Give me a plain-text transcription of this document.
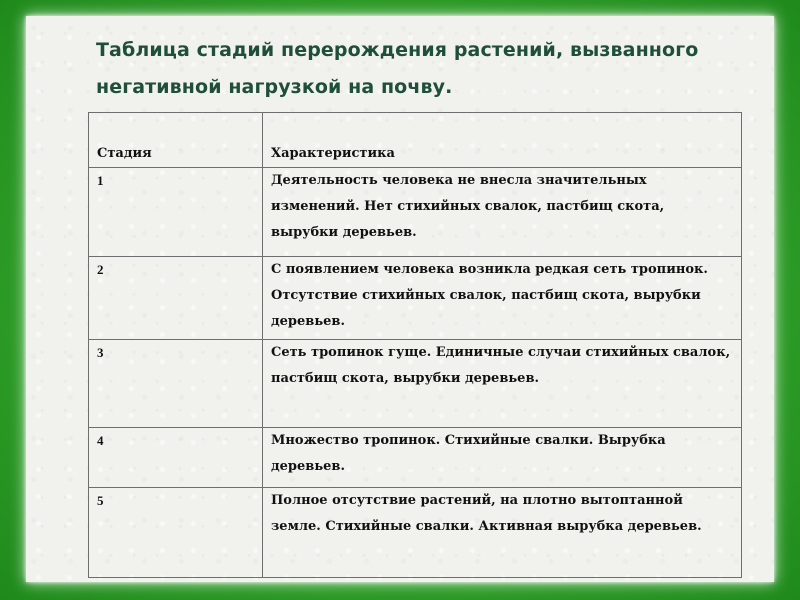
Таблица стадий перерождения растений, вызванного негативной нагрузкой на почву.
Стадия	Характеристика
1	Деятельность человека не внесла значительных изменений. Нет стихийных свалок, пастбищ скота, вырубки деревьев.
2	С появлением человека возникла редкая сеть тропинок. Отсутствие стихийных свалок, пастбищ скота, вырубки деревьев.
3	Сеть тропинок гуще. Единичные случаи стихийных свалок, пастбищ скота, вырубки деревьев.
4	Множество тропинок. Стихийные свалки. Вырубка деревьев.
5	Полное отсутствие растений, на плотно вытоптанной земле. Стихийные свалки. Активная вырубка деревьев.
